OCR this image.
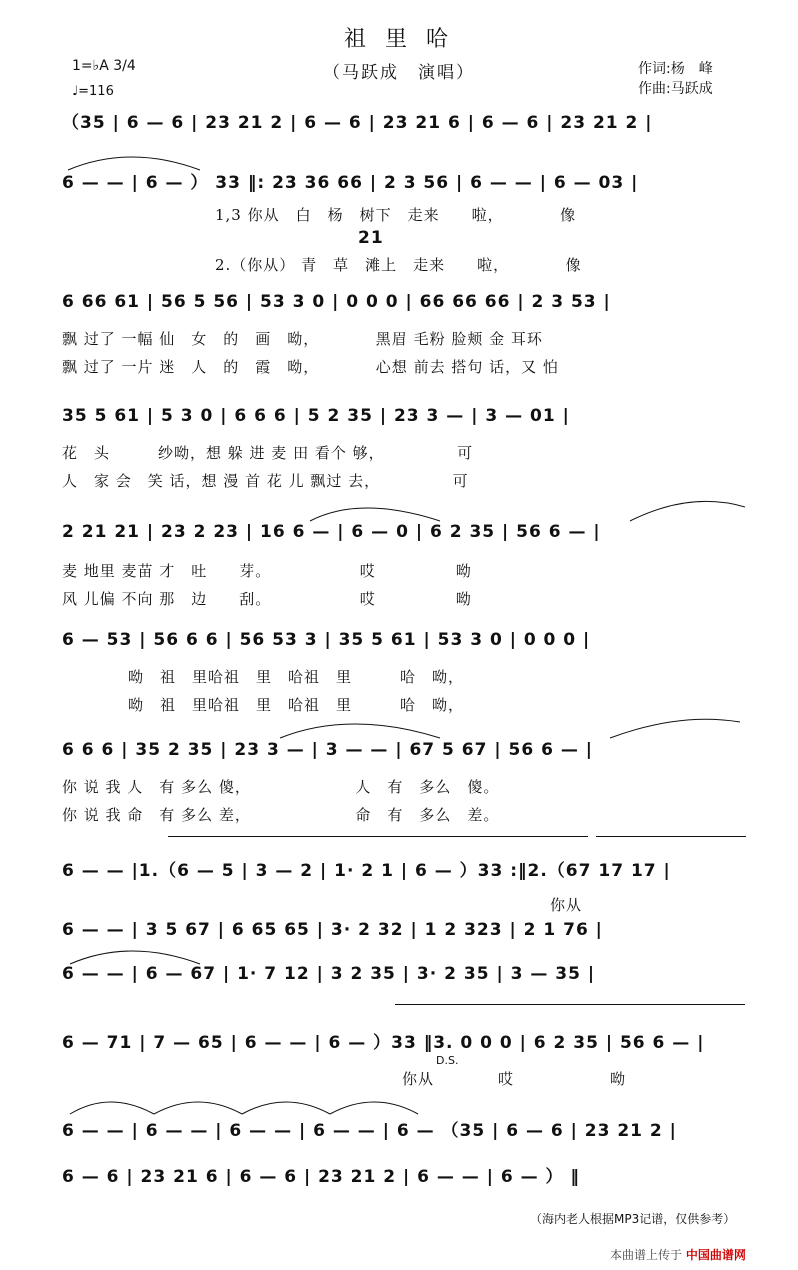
祖 里 哈
（马跃成　演唱）	作词:杨　峰
作曲:马跃成
1=♭A 3/4
♩=116
（35 | 6 — 6 | 23 21 2 | 6 — 6 | 23 21 6 | 6 — 6 | 23 21 2 |
6 — — | 6 — ） 33 ‖: 23 36 66 | 2 3 56 | 6 — — | 6 — 03 |
1,3 你从　白　杨　树下　走来　　啦，　　　　像
21
2.（你从） 青　草　滩上　走来　　啦，　　　　像
6 66 61 | 56 5 56 | 53 3 0 | 0 0 0 | 66 66 66 | 2 3 53 |
飘 过了 一幅 仙　女　的　画　呦，　　　　黑眉 毛粉 脸颊 金 耳环
飘 过了 一片 迷　人　的　霞　呦，　　　　心想 前去 搭句 话，又 怕
35 5 61 | 5 3 0 | 6 6 6 | 5 2 35 | 23 3 — | 3 — 01 |
花　头　　　纱呦，想 躲 进 麦 田 看个 够，　　　　　可
人　家 会　笑 话，想 漫 首 花 儿 飘过 去，　　　　　可
2 21 21 | 23 2 23 | 16 6 — | 6 — 0 | 6 2 35 | 56 6 — |
麦 地里 麦苗 才　吐　　芽。　　　　　　哎　　　　　呦
风 儿偏 不向 那　边　　刮。　　　　　　哎　　　　　呦
6 — 53 | 56 6 6 | 56 53 3 | 35 5 61 | 53 3 0 | 0 0 0 |
呦　祖　里哈祖　里　哈祖　里　　　哈　呦，
呦　祖　里哈祖　里　哈祖　里　　　哈　呦，
6 6 6 | 35 2 35 | 23 3 — | 3 — — | 67 5 67 | 56 6 — |
你 说 我 人　有 多么 傻，　　　　　　　人　有　多么　傻。
你 说 我 命　有 多么 差，　　　　　　　命　有　多么　差。
6 — — |1.（6 — 5 | 3 — 2 | 1· 2 1 | 6 — ）33 :‖2.（67 17 17 |
你从
6 — — | 3 5 67 | 6 65 65 | 3· 2 32 | 1 2 323 | 2 1 76 |
6 — — | 6 — 67 | 1· 7 12 | 3 2 35 | 3· 2 35 | 3 — 35 |
6 — 71 | 7 — 65 | 6 — — | 6 — ）33 ‖3. 0 0 0 | 6 2 35 | 56 6 — |
D.S.
你从　　　　哎　　　　　　呦
6 — — | 6 — — | 6 — — | 6 — — | 6 — （35 | 6 — 6 | 23 21 2 |
6 — 6 | 23 21 6 | 6 — 6 | 23 21 2 | 6 — — | 6 — ） ‖
（海内老人根据MP3记谱，仅供参考）
本曲谱上传于 中国曲谱网
